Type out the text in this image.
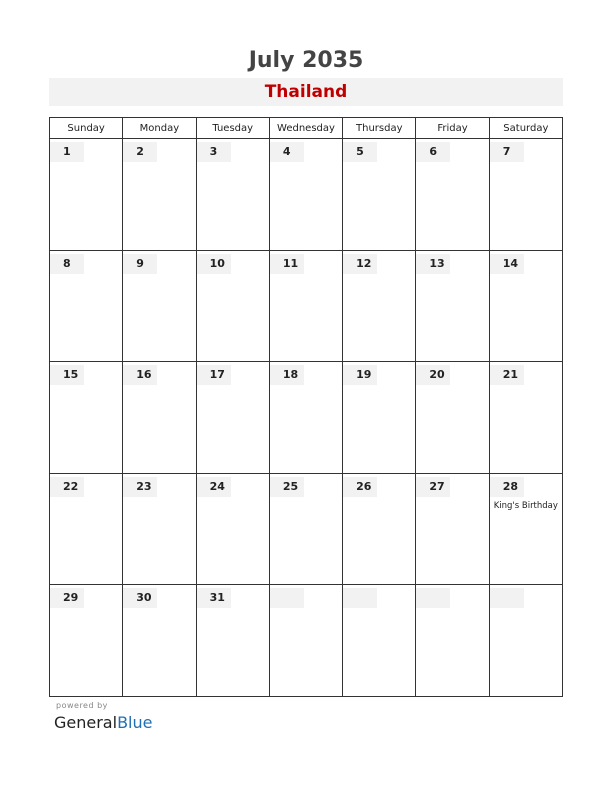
July 2035
Thailand
Sunday	Monday	Tuesday	Wednesday	Thursday	Friday	Saturday

1	2	3	4	5	6	7

8	9	10	11	12	13	14

15	16	17	18	19	20	21

22	23	24	25	26	27	28
King's Birthday

29	30	31				

powered by
GeneralBlue
